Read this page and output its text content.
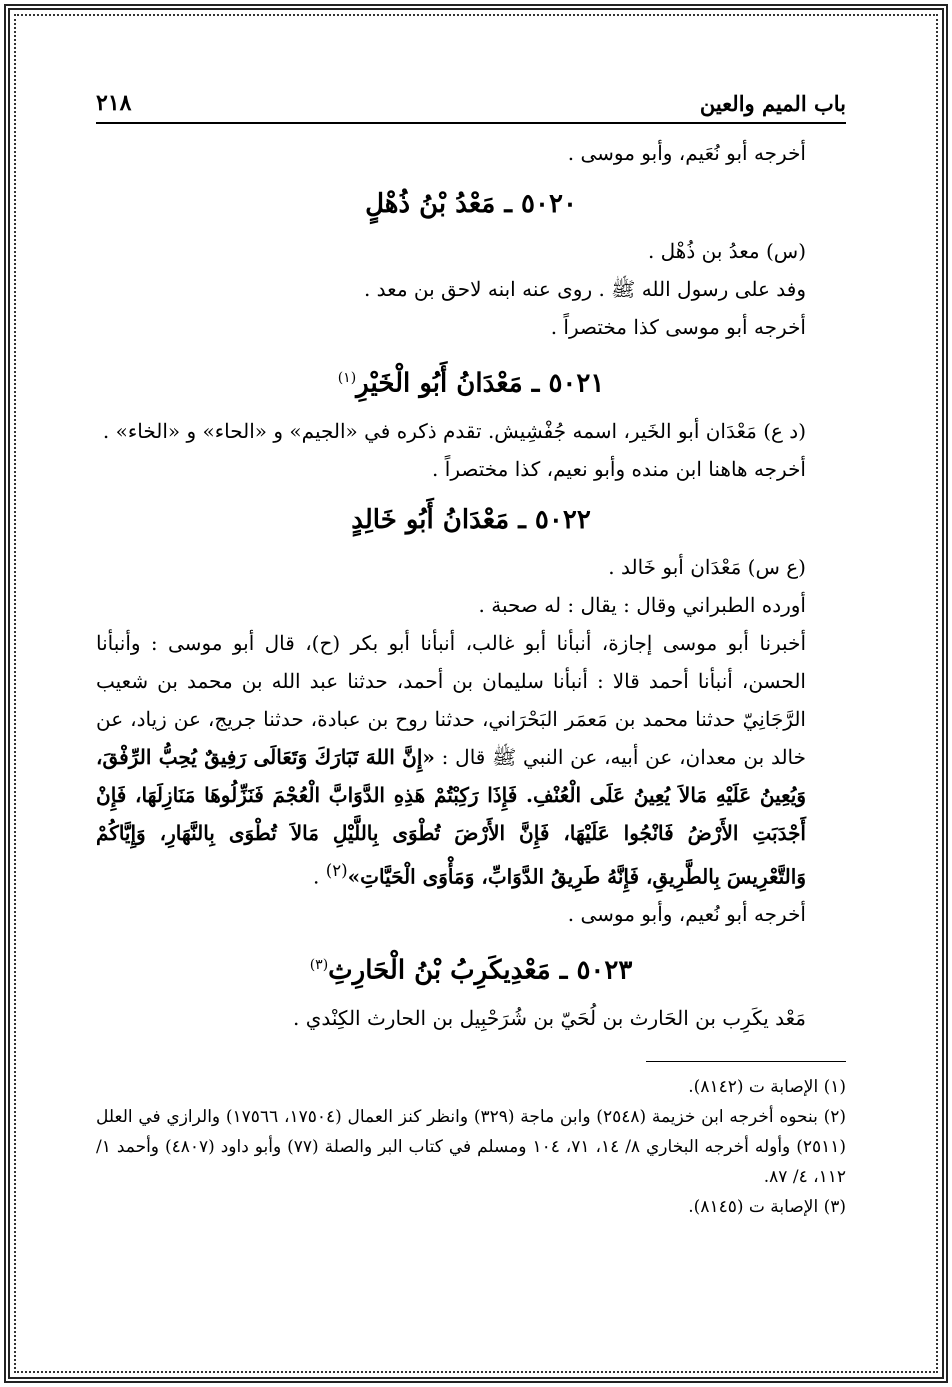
باب الميم والعين
٢١٨

أخرجه أبو نُعَيم، وأبو موسى .

٥٠٢٠ ـ مَعْدُ بْنُ ذُهْلٍ

(س) معدُ بن ذُهْل .

وفد على رسول الله ﷺ . روى عنه ابنه لاحق بن معد .

أخرجه أبو موسى كذا مختصراً .

٥٠٢١ ـ مَعْدَانُ أَبُو الْخَيْرِ$^{(١)}$

(د ع) مَعْدَان أبو الخَير، اسمه جُفْشِيش. تقدم ذكره في «الجيم» و «الحاء» و «الخاء» .

أخرجه هاهنا ابن منده وأبو نعيم، كذا مختصراً .

٥٠٢٢ ـ مَعْدَانُ أَبُو خَالِدٍ

(ع س) مَعْدَان أبو خَالد .

أورده الطبراني وقال : يقال : له صحبة .

أخبرنا أبو موسى إجازة، أنبأنا أبو غالب، أنبأنا أبو بكر (ح)، قال أبو موسى : وأنبأنا الحسن، أنبأنا أحمد قالا : أنبأنا سليمان بن أحمد، حدثنا عبد الله بن محمد بن شعيب الرَّجَانِيّ حدثنا محمد بن مَعمَر البَحْرَاني، حدثنا روح بن عبادة، حدثنا جريج، عن زياد، عن خالد بن معدان، عن أبيه، عن النبي ﷺ قال : «إِنَّ اللهَ تَبَارَكَ وَتَعَالَى رَفِيقٌ يُحِبُّ الرِّفْقَ، وَيُعِينُ عَلَيْهِ مَالاَ يُعِينُ عَلَى الْعُنْفِ. فَإِذَا رَكِبْتُمْ هَذِهِ الدَّوَابَّ الْعُجْمَ فَنَزِّلُوهَا مَنَازِلَهَا، فَإِنْ أَجْدَبَتِ الأَرْضُ فَانْجُوا عَلَيْهَا، فَإِنَّ الأَرْضَ تُطْوَى بِاللَّيْلِ مَالاَ تُطْوَى بِالنَّهَارِ، وَإِيَّاكُمْ وَالتَّعْرِيسَ بِالطَّرِيقِ، فَإِنَّهُ طَرِيقُ الدَّوَابِّ، وَمَأْوَى الْحَيَّاتِ»$^{(٢)}$ .

أخرجه أبو نُعيم، وأبو موسى .

٥٠٢٣ ـ مَعْدِيكَرِبُ بْنُ الْحَارِثِ$^{(٣)}$

مَعْد يكَرِب بن الحَارث بن لُحَيّ بن شُرَحْبِيل بن الحارث الكِنْدي .

(١) الإصابة ت (٨١٤٢).
(٢) بنحوه أخرجه ابن خزيمة (٢٥٤٨) وابن ماجة (٣٢٩) وانظر كنز العمال (١٧٥٠٤، ١٧٥٦٦) والرازي في العلل (٢٥١١) وأوله أخرجه البخاري ٨/ ١٤، ٧١، ١٠٤ ومسلم في كتاب البر والصلة (٧٧) وأبو داود (٤٨٠٧) وأحمد ١/ ١١٢، ٤/ ٨٧.
(٣) الإصابة ت (٨١٤٥).
